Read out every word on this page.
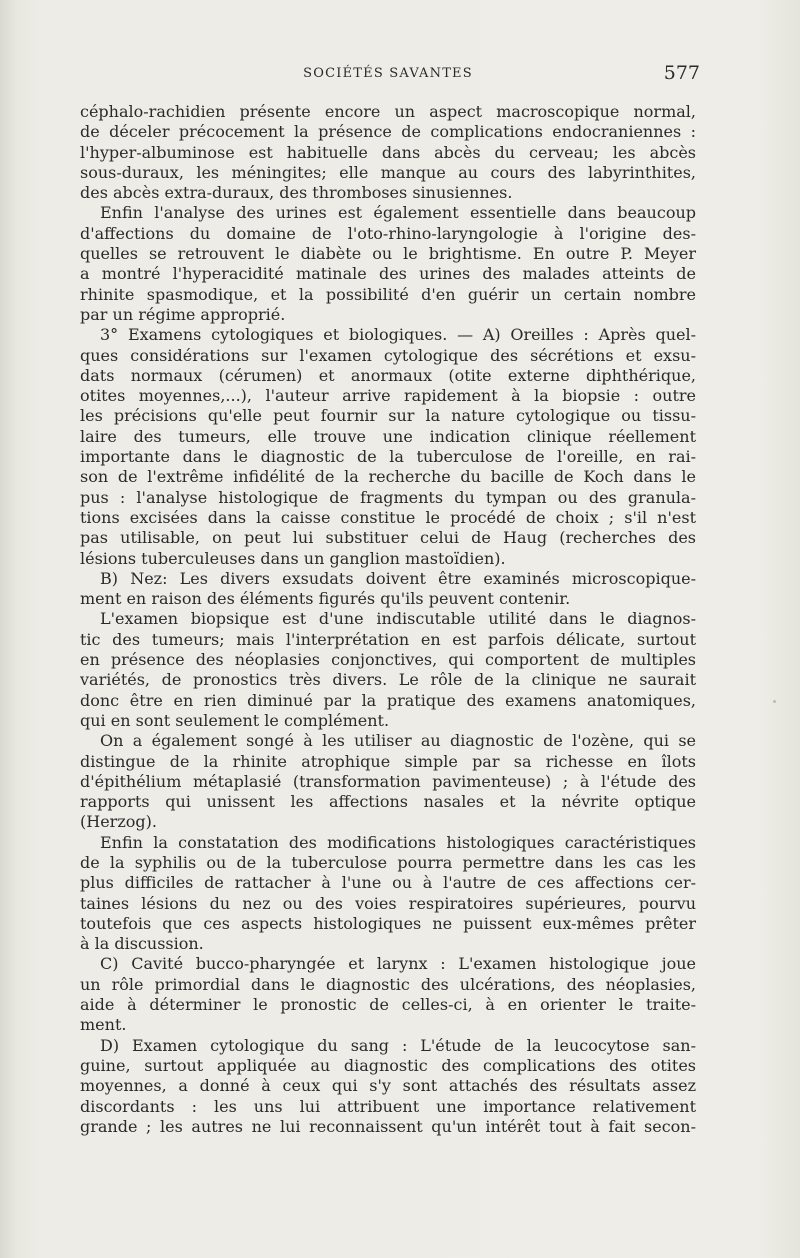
SOCIÉTÉS SAVANTES	577
céphalo-rachidien présente encore un aspect macroscopique normal,
de déceler précocement la présence de complications endocraniennes :
l'hyper-albuminose est habituelle dans abcès du cerveau; les abcès
sous-duraux, les méningites; elle manque au cours des labyrinthites,
des abcès extra-duraux, des thromboses sinusiennes.
Enfin l'analyse des urines est également essentielle dans beaucoup
d'affections du domaine de l'oto-rhino-laryngologie à l'origine des-
quelles se retrouvent le diabète ou le brightisme. En outre P. Meyer
a montré l'hyperacidité matinale des urines des malades atteints de
rhinite spasmodique, et la possibilité d'en guérir un certain nombre
par un régime approprié.
3° Examens cytologiques et biologiques. — A) Oreilles : Après quel-
ques considérations sur l'examen cytologique des sécrétions et exsu-
dats normaux (cérumen) et anormaux (otite externe diphthérique,
otites moyennes,...), l'auteur arrive rapidement à la biopsie : outre
les précisions qu'elle peut fournir sur la nature cytologique ou tissu-
laire des tumeurs, elle trouve une indication clinique réellement
importante dans le diagnostic de la tuberculose de l'oreille, en rai-
son de l'extrême infidélité de la recherche du bacille de Koch dans le
pus : l'analyse histologique de fragments du tympan ou des granula-
tions excisées dans la caisse constitue le procédé de choix ; s'il n'est
pas utilisable, on peut lui substituer celui de Haug (recherches des
lésions tuberculeuses dans un ganglion mastoïdien).
B) Nez: Les divers exsudats doivent être examinés microscopique-
ment en raison des éléments figurés qu'ils peuvent contenir.
L'examen biopsique est d'une indiscutable utilité dans le diagnos-
tic des tumeurs; mais l'interprétation en est parfois délicate, surtout
en présence des néoplasies conjonctives, qui comportent de multiples
variétés, de pronostics très divers. Le rôle de la clinique ne saurait
donc être en rien diminué par la pratique des examens anatomiques,
qui en sont seulement le complément.
On a également songé à les utiliser au diagnostic de l'ozène, qui se
distingue de la rhinite atrophique simple par sa richesse en îlots
d'épithélium métaplasié (transformation pavimenteuse) ; à l'étude des
rapports qui unissent les affections nasales et la névrite optique
(Herzog).
Enfin la constatation des modifications histologiques caractéristiques
de la syphilis ou de la tuberculose pourra permettre dans les cas les
plus difficiles de rattacher à l'une ou à l'autre de ces affections cer-
taines lésions du nez ou des voies respiratoires supérieures, pourvu
toutefois que ces aspects histologiques ne puissent eux-mêmes prêter
à la discussion.
C) Cavité bucco-pharyngée et larynx : L'examen histologique joue
un rôle primordial dans le diagnostic des ulcérations, des néoplasies,
aide à déterminer le pronostic de celles-ci, à en orienter le traite-
ment.
D) Examen cytologique du sang : L'étude de la leucocytose san-
guine, surtout appliquée au diagnostic des complications des otites
moyennes, a donné à ceux qui s'y sont attachés des résultats assez
discordants : les uns lui attribuent une importance relativement
grande ; les autres ne lui reconnaissent qu'un intérêt tout à fait secon-
